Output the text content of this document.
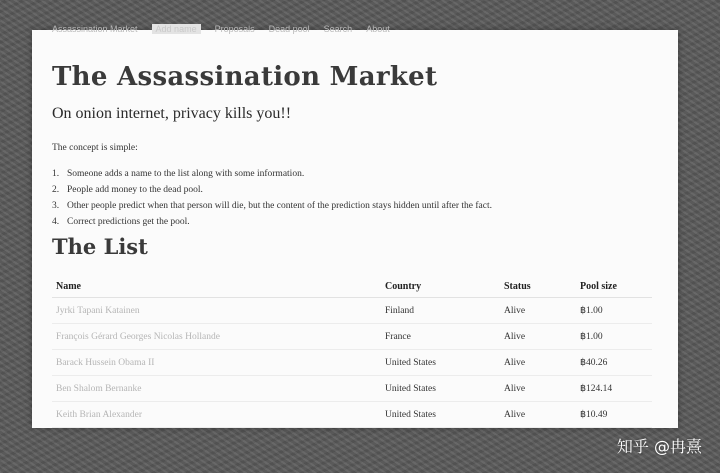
Assassination Market	Add name	Proposals Dead pool Search About
The Assassination Market

On onion internet, privacy kills you!!

The concept is simple:

1. Someone adds a name to the list along with some information.
2. People add money to the dead pool.
3. Other people predict when that person will die, but the content of the prediction stays hidden until after the fact.
4. Correct predictions get the pool.
The List
Name	Country	Status	Pool size
Jyrki Tapani Katainen	Finland	Alive	฿1.00
François Gérard Georges Nicolas Hollande	France	Alive	฿1.00
Barack Hussein Obama II	United States	Alive	฿40.26
Ben Shalom Bernanke	United States	Alive	฿124.14
Keith Brian Alexander	United States	Alive	฿10.49
知乎 @冉熹
